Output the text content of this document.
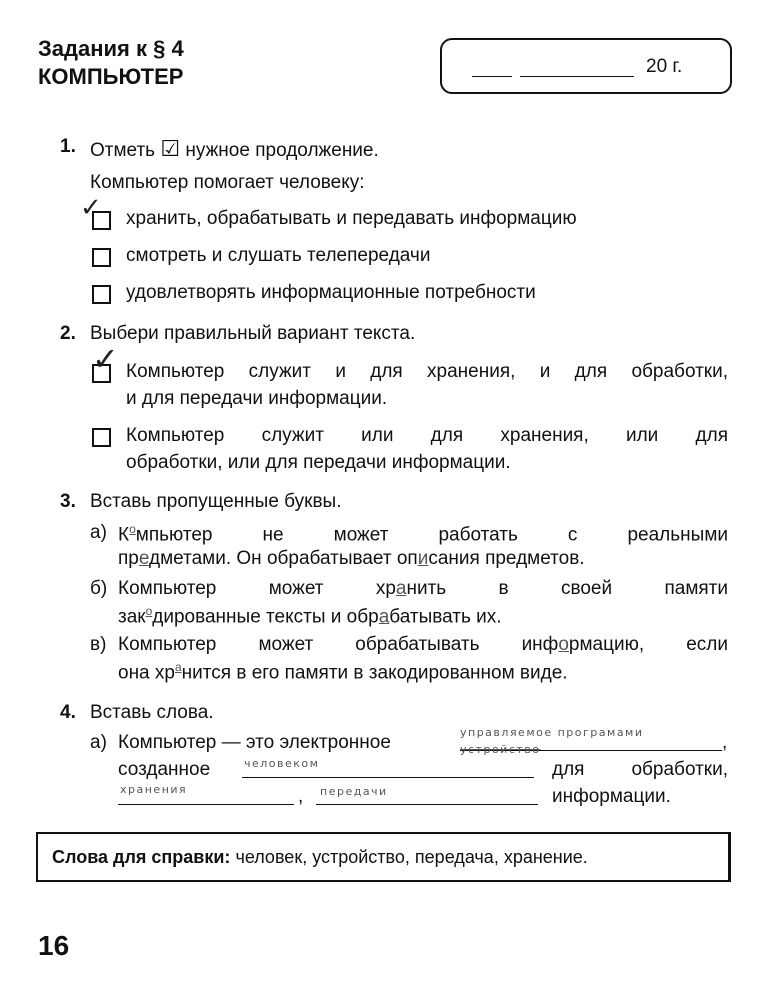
Задания к § 4
КОМПЬЮТЕР	20 г.
1. Отметь ☑ нужное продолжение.
Компьютер помогает человеку:
✓ хранить, обрабатывать и передавать информацию
смотреть и слушать телепередачи
удовлетворять информационные потребности
2. Выбери правильный вариант текста.
✓ Компьютер служит и для хранения, и для обработки,
и для передачи информации.
Компьютер служит или для хранения, или для
обработки, или для передачи информации.
3. Вставь пропущенные буквы.
а) $К^омпьютер$ не может работать с реальными
предметами. Он обрабатывает описания предметов.
б) Компьютер может хранить в своей памяти
зак$^о$дированные тексты и обрабатывать их.
в) Компьютер может обрабатывать информацию, если
она $хр^анится$ в его памяти в закодированном виде.
4. Вставь слова.
а) Компьютер — это электронное	управляемое програмами
устройство	,
созданное	человеком	для обработки,
хранения	, передачи	информации.
Слова для справки: человек, устройство, передача, хранение.
16
